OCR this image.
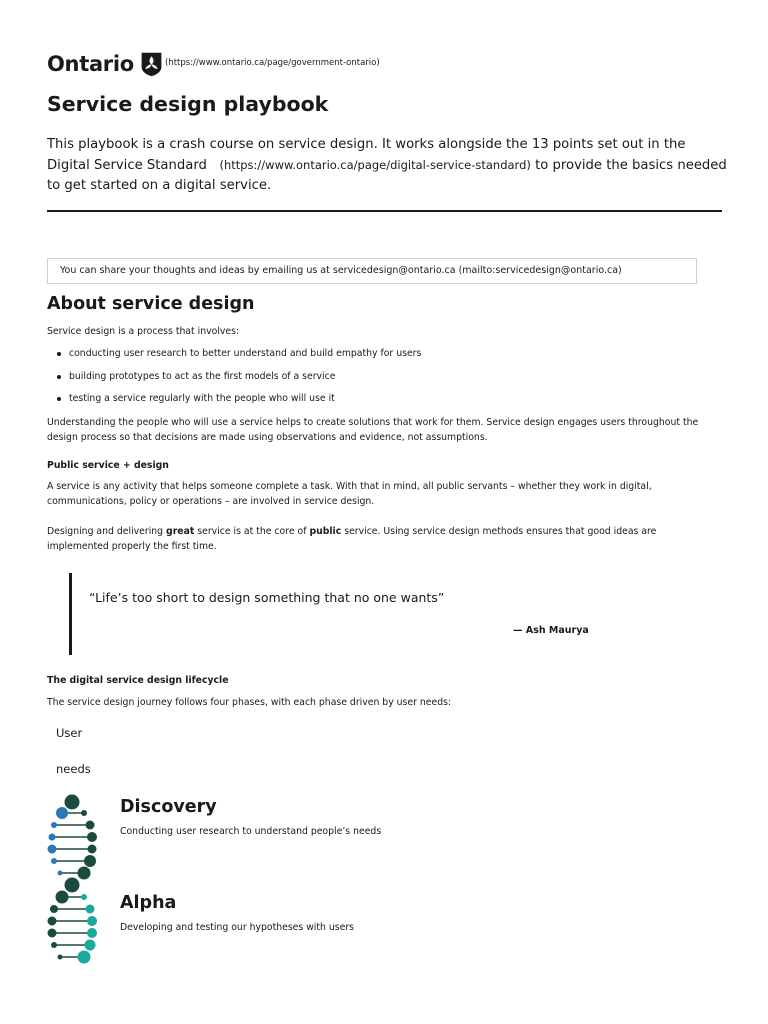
Ontario	(https://www.ontario.ca/page/government-ontario)
Service design playbook

This playbook is a crash course on service design. It works alongside the 13 points set out in the Digital Service Standard (https://www.ontario.ca/page/digital-service-standard) to provide the basics needed to get started on a digital service.

You can share your thoughts and ideas by emailing us at servicedesign@ontario.ca (mailto:servicedesign@ontario.ca)
About service design

Service design is a process that involves:

conducting user research to better understand and build empathy for users
building prototypes to act as the first models of a service
testing a service regularly with the people who will use it

Understanding the people who will use a service helps to create solutions that work for them. Service design engages users throughout the design process so that decisions are made using observations and evidence, not assumptions.

Public service + design

A service is any activity that helps someone complete a task. With that in mind, all public servants – whether they work in digital, communications, policy or operations – are involved in service design.

Designing and delivering great service is at the core of public service. Using service design methods ensures that good ideas are implemented properly the first time.

“Life’s too short to design something that no one wants”
— Ash Maurya

The digital service design lifecycle

The service design journey follows four phases, with each phase driven by user needs:

User
needs
Discovery

Conducting user research to understand people’s needs

Alpha

Developing and testing our hypotheses with users
